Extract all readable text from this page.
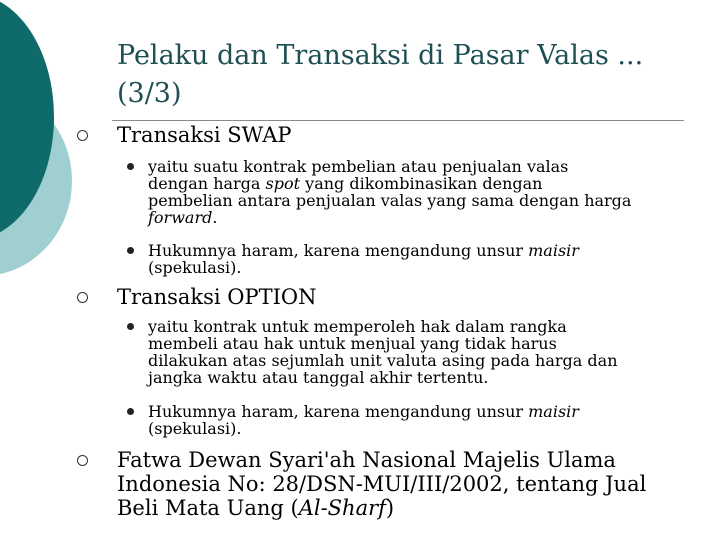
Pelaku dan Transaksi di Pasar Valas ...
(3/3)
Transaksi SWAP
yaitu suatu kontrak pembelian atau penjualan valas
dengan harga spot yang dikombinasikan dengan
pembelian antara penjualan valas yang sama dengan harga
forward.
Hukumnya haram, karena mengandung unsur maisir
(spekulasi).
Transaksi OPTION
yaitu kontrak untuk memperoleh hak dalam rangka
membeli atau hak untuk menjual yang tidak harus
dilakukan atas sejumlah unit valuta asing pada harga dan
jangka waktu atau tanggal akhir tertentu.
Hukumnya haram, karena mengandung unsur maisir
(spekulasi).
Fatwa Dewan Syari'ah Nasional Majelis Ulama
Indonesia No: 28/DSN-MUI/III/2002, tentang Jual
Beli Mata Uang (Al-Sharf)
